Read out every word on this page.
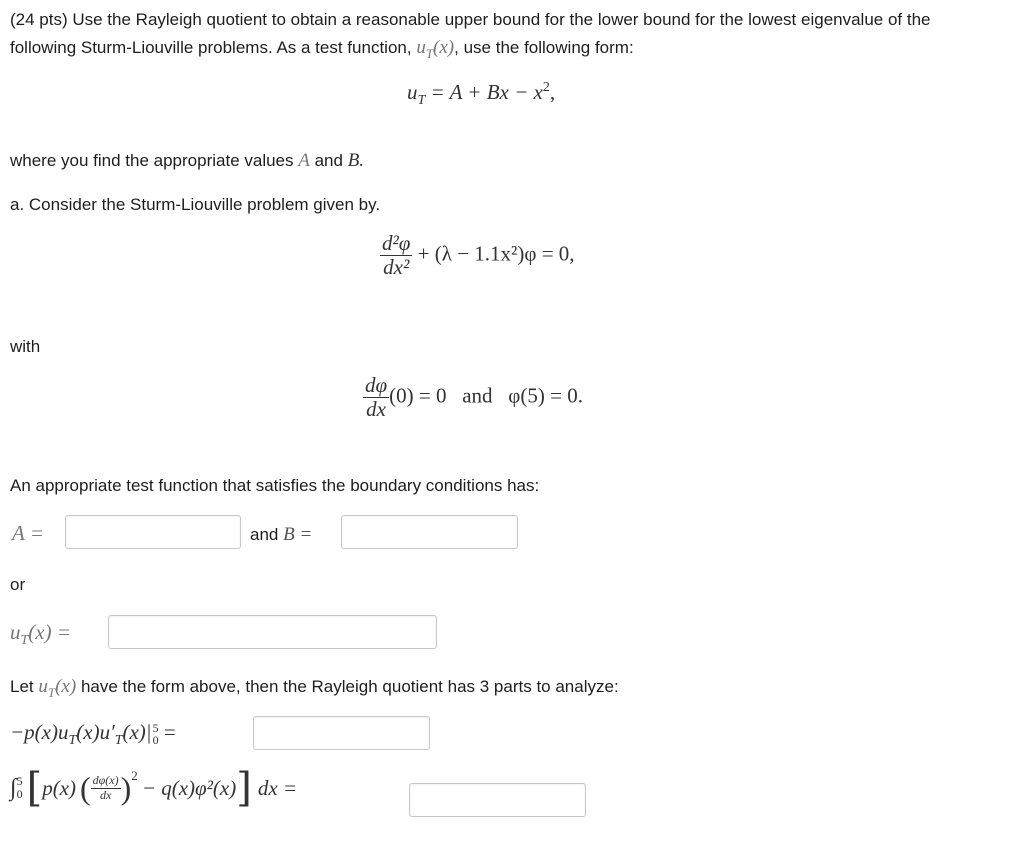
(24 pts) Use the Rayleigh quotient to obtain a reasonable upper bound for the lower bound for the lowest eigenvalue of the
following Sturm-Liouville problems. As a test function, $u_T(x)$, use the following form:
$u_T = A + Bx - x^2$,
where you find the appropriate values A and B.
a. Consider the Sturm-Liouville problem given by.
$\frac{\text{d²φ}}{\text{dx²}} + (\lambda - 1.1x^2)\varphi = 0$,
with
$\frac{d\varphi}{dx} (0) = 0$   and   φ(5) = 0.
An appropriate test function that satisfies the boundary conditions has:
A =	and B =
or
$u_T(x)$ =
Let $u_T(x)$ have the form above, then the Rayleigh quotient has 3 parts to analyze:
$-p(x)u_T(x)u'_T(x)|$ 5
0 =
∫ 5
0 [ p(x) ( $\frac{d\varphi(x)}{dx} )^2 - q(x)\varphi^2(x)$ ] dx =
